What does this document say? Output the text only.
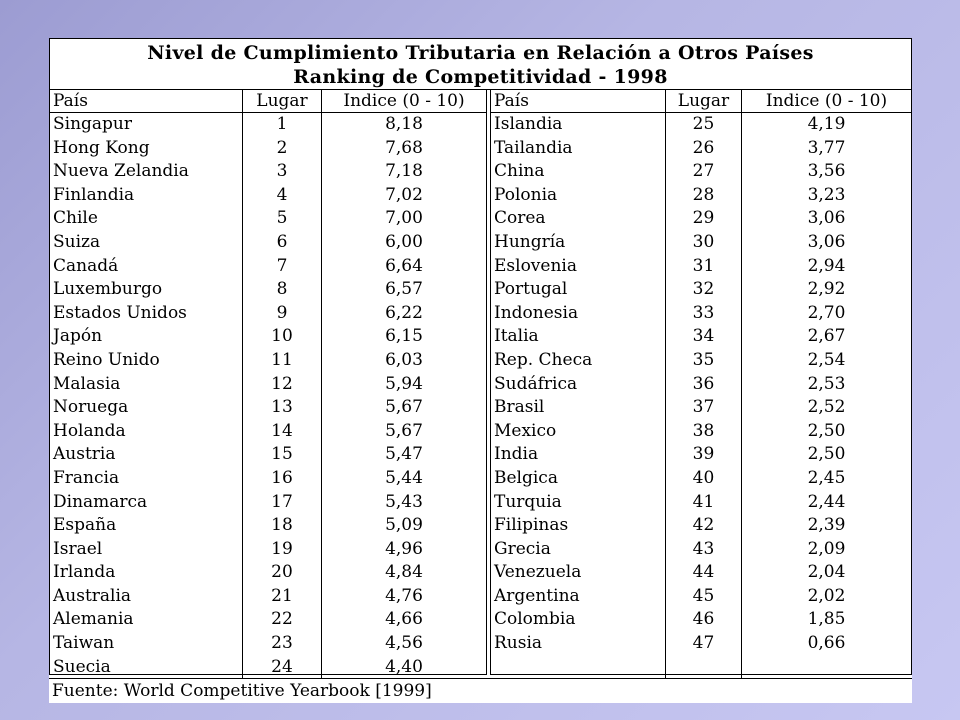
Nivel de Cumplimiento Tributaria en Relación a Otros Países
Ranking de Competitividad - 1998
País	Lugar	Indice (0 - 10)
Singapur	1	8,18
Hong Kong	2	7,68
Nueva Zelandia	3	7,18
Finlandia	4	7,02
Chile	5	7,00
Suiza	6	6,00
Canadá	7	6,64
Luxemburgo	8	6,57
Estados Unidos	9	6,22
Japón	10	6,15
Reino Unido	11	6,03
Malasia	12	5,94
Noruega	13	5,67
Holanda	14	5,67
Austria	15	5,47
Francia	16	5,44
Dinamarca	17	5,43
España	18	5,09
Israel	19	4,96
Irlanda	20	4,84
Australia	21	4,76
Alemania	22	4,66
Taiwan	23	4,56
Suecia	24	4,40
País	Lugar	Indice (0 - 10)
Islandia	25	4,19
Tailandia	26	3,77
China	27	3,56
Polonia	28	3,23
Corea	29	3,06
Hungría	30	3,06
Eslovenia	31	2,94
Portugal	32	2,92
Indonesia	33	2,70
Italia	34	2,67
Rep. Checa	35	2,54
Sudáfrica	36	2,53
Brasil	37	2,52
Mexico	38	2,50
India	39	2,50
Belgica	40	2,45
Turquia	41	2,44
Filipinas	42	2,39
Grecia	43	2,09
Venezuela	44	2,04
Argentina	45	2,02
Colombia	46	1,85
Rusia	47	0,66
Fuente: World Competitive Yearbook [1999]
